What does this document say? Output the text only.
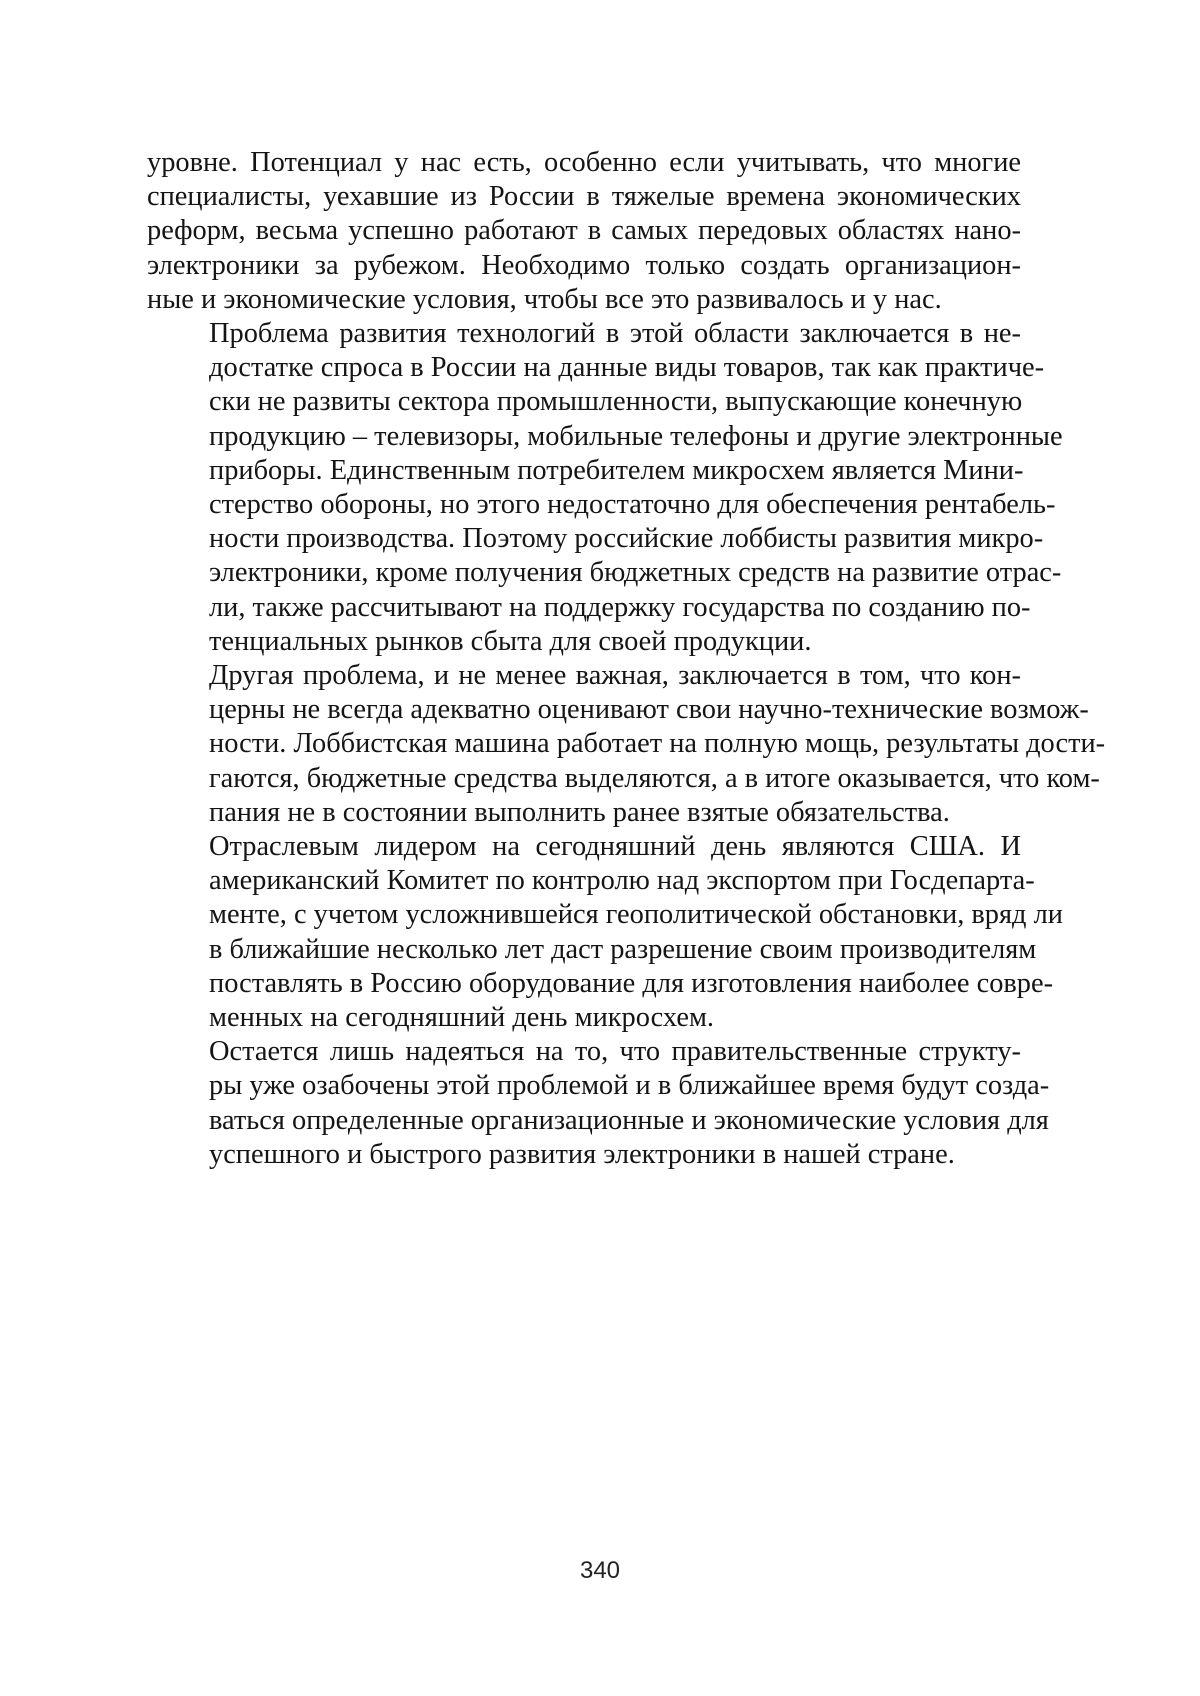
уровне. Потенциал у нас есть, особенно если учитывать, что многие
специалисты, уехавшие из России в тяжелые времена экономических
реформ, весьма успешно работают в самых передовых областях нано-
электроники за рубежом. Необходимо только создать организацион-
ные и экономические условия, чтобы все это развивалось и у нас.

Проблема развития технологий в этой области заключается в не-
достатке спроса в России на данные виды товаров, так как практиче-
ски не развиты сектора промышленности, выпускающие конечную
продукцию – телевизоры, мобильные телефоны и другие электронные
приборы. Единственным потребителем микросхем является Мини-
стерство обороны, но этого недостаточно для обеспечения рентабель-
ности производства. Поэтому российские лоббисты развития микро-
электроники, кроме получения бюджетных средств на развитие отрас-
ли, также рассчитывают на поддержку государства по созданию по-
тенциальных рынков сбыта для своей продукции.

Другая проблема, и не менее важная, заключается в том, что кон-
церны не всегда адекватно оценивают свои научно-технические возмож-
ности. Лоббистская машина работает на полную мощь, результаты дости-
гаются, бюджетные средства выделяются, а в итоге оказывается, что ком-
пания не в состоянии выполнить ранее взятые обязательства.

Отраслевым лидером на сегодняшний день являются США. И
американский Комитет по контролю над экспортом при Госдепарта-
менте, с учетом усложнившейся геополитической обстановки, вряд ли
в ближайшие несколько лет даст разрешение своим производителям
поставлять в Россию оборудование для изготовления наиболее совре-
менных на сегодняшний день микросхем.

Остается лишь надеяться на то, что правительственные структу-
ры уже озабочены этой проблемой и в ближайшее время будут созда-
ваться определенные организационные и экономические условия для
успешного и быстрого развития электроники в нашей стране.

340
